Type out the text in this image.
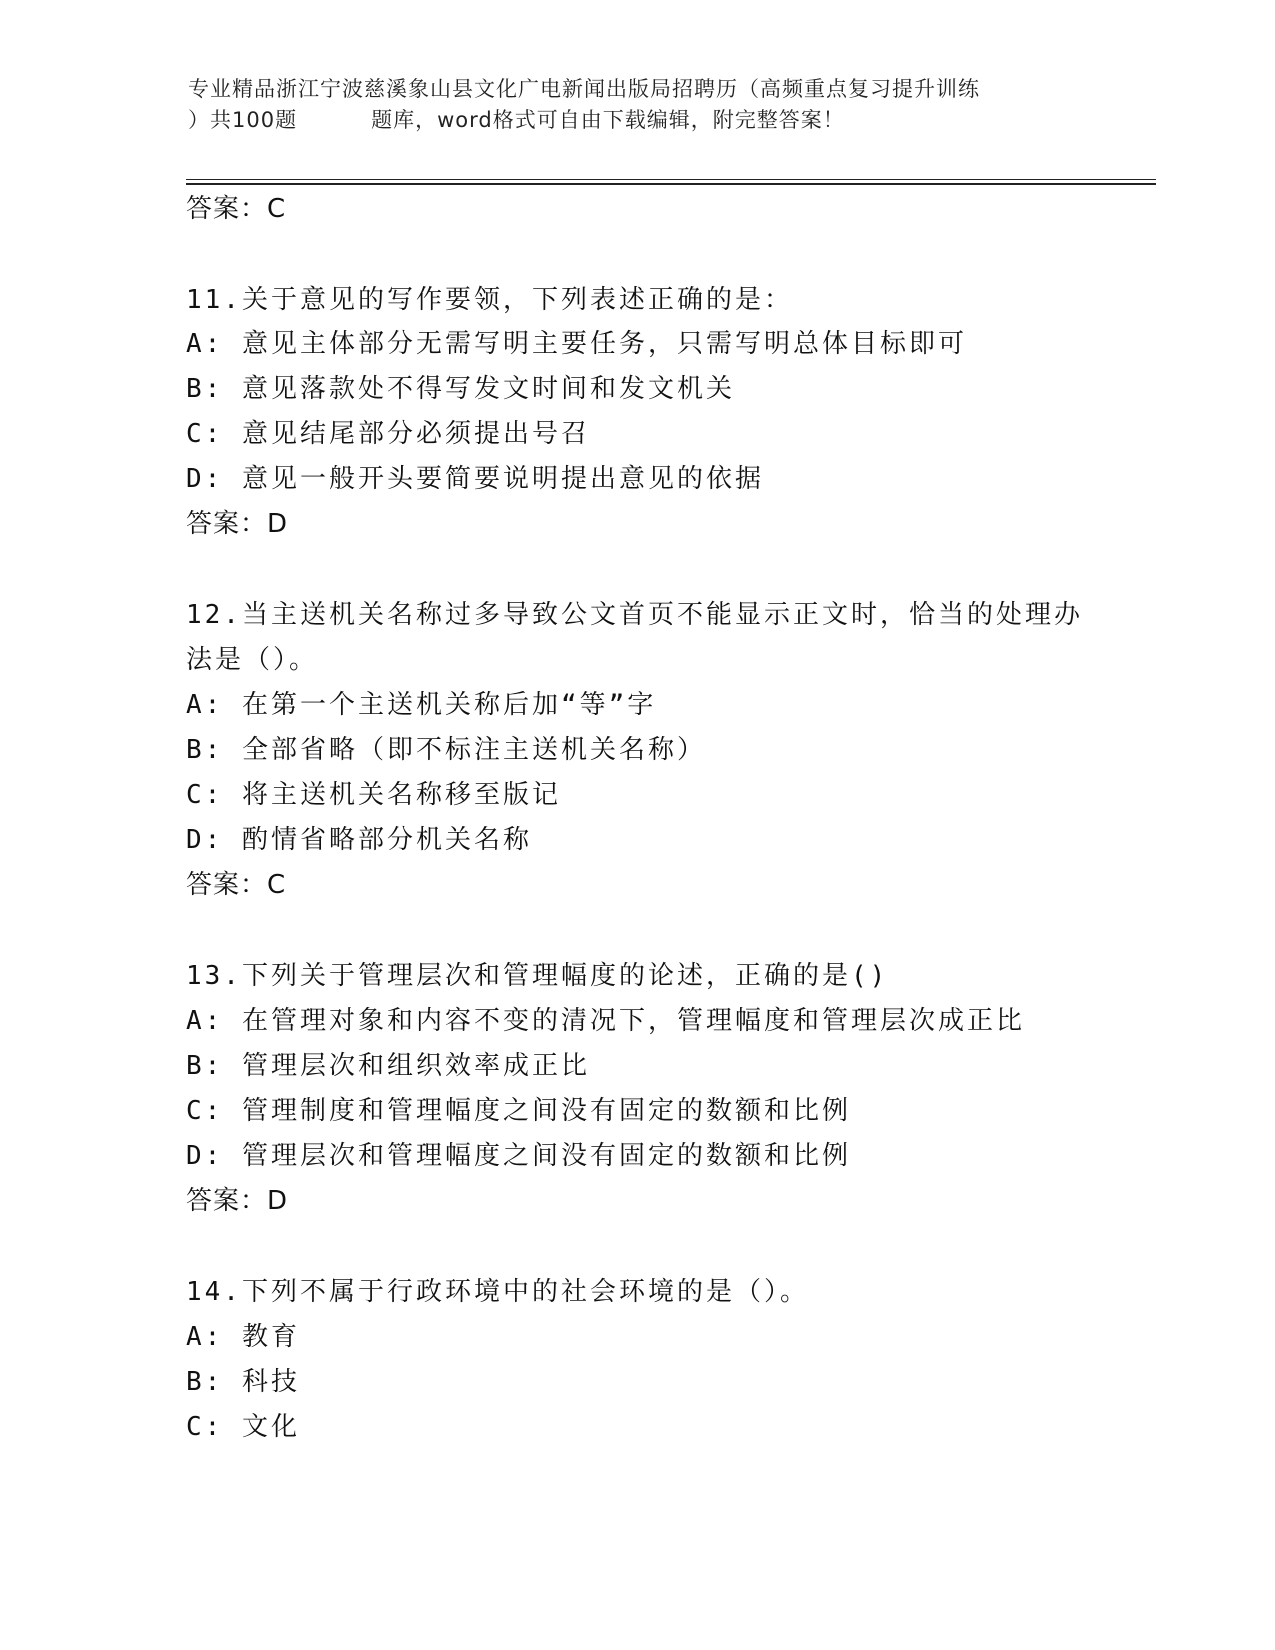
专业精品浙江宁波慈溪象山县文化广电新闻出版局招聘历（高频重点复习提升训练
）共100题	题库，word格式可自由下载编辑，附完整答案！
答案：C
11.关于意见的写作要领，下列表述正确的是：
A: 意见主体部分无需写明主要任务，只需写明总体目标即可
B: 意见落款处不得写发文时间和发文机关
C: 意见结尾部分必须提出号召
D: 意见一般开头要简要说明提出意见的依据
答案：D
12.当主送机关名称过多导致公文首页不能显示正文时，恰当的处理办
法是（）。
A: 在第一个主送机关称后加“等”字
B: 全部省略（即不标注主送机关名称）
C: 将主送机关名称移至版记
D: 酌情省略部分机关名称
答案：C
13.下列关于管理层次和管理幅度的论述，正确的是()
A: 在管理对象和内容不变的清况下，管理幅度和管理层次成正比
B: 管理层次和组织效率成正比
C: 管理制度和管理幅度之间没有固定的数额和比例
D: 管理层次和管理幅度之间没有固定的数额和比例
答案：D
14.下列不属于行政环境中的社会环境的是（）。
A: 教育
B: 科技
C: 文化
